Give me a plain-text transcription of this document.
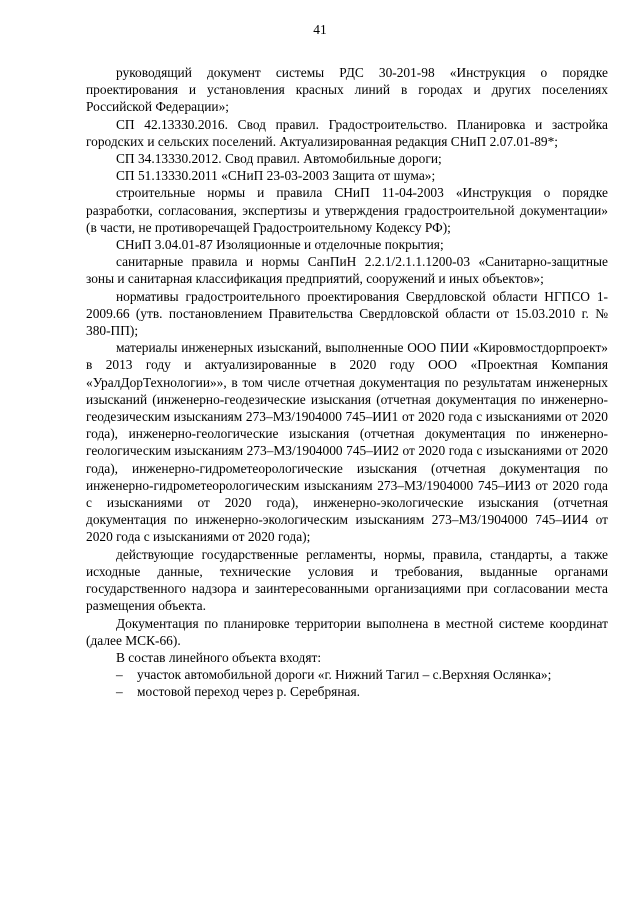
41

руководящий документ системы РДС 30-201-98 «Инструкция о порядке проектирования и установления красных линий в городах и других поселениях Российской Федерации»;

СП 42.13330.2016. Свод правил. Градостроительство. Планировка и застройка городских и сельских поселений. Актуализированная редакция СНиП 2.07.01-89*;

СП 34.13330.2012. Свод правил. Автомобильные дороги;

СП 51.13330.2011 «СНиП 23-03-2003 Защита от шума»;

строительные нормы и правила СНиП 11-04-2003 «Инструкция о порядке разработки, согласования, экспертизы и утверждения градостроительной документации» (в части, не противоречащей Градостроительному Кодексу РФ);

СНиП 3.04.01-87 Изоляционные и отделочные покрытия;

санитарные правила и нормы СанПиН 2.2.1/2.1.1.1200-03 «Санитарно-защитные зоны и санитарная классификация предприятий, сооружений и иных объектов»;

нормативы градостроительного проектирования Свердловской области НГПСО 1-2009.66 (утв. постановлением Правительства Свердловской области от 15.03.2010 г. № 380-ПП);

материалы инженерных изысканий, выполненные ООО ПИИ «Кировмостдорпроект» в 2013 году и актуализированные в 2020 году ООО «Проектная Компания «УралДорТехнологии»», в том числе отчетная документация по результатам инженерных изысканий (инженерно-геодезические изыскания (отчетная документация по инженерно-геодезическим изысканиям 273–МЗ/1904000 745–ИИ1 от 2020 года с изысканиями от 2020 года), инженерно-геологические изыскания (отчетная документация по инженерно-геологическим изысканиям 273–МЗ/1904000 745–ИИ2 от 2020 года с изысканиями от 2020 года), инженерно-гидрометеорологические изыскания (отчетная документация по инженерно-гидрометеорологическим изысканиям 273–МЗ/1904000 745–ИИЗ от 2020 года с изысканиями от 2020 года), инженерно-экологические изыскания (отчетная документация по инженерно-экологическим изысканиям 273–МЗ/1904000 745–ИИ4 от 2020 года с изысканиями от 2020 года);

действующие государственные регламенты, нормы, правила, стандарты, а также исходные данные, технические условия и требования, выданные органами государственного надзора и заинтересованными организациями при согласовании места размещения объекта.

Документация по планировке территории выполнена в местной системе координат (далее МСК-66).

В состав линейного объекта входят:

– участок автомобильной дороги «г. Нижний Тагил – с.Верхняя Ослянка»;
– мостовой переход через р. Серебряная.
